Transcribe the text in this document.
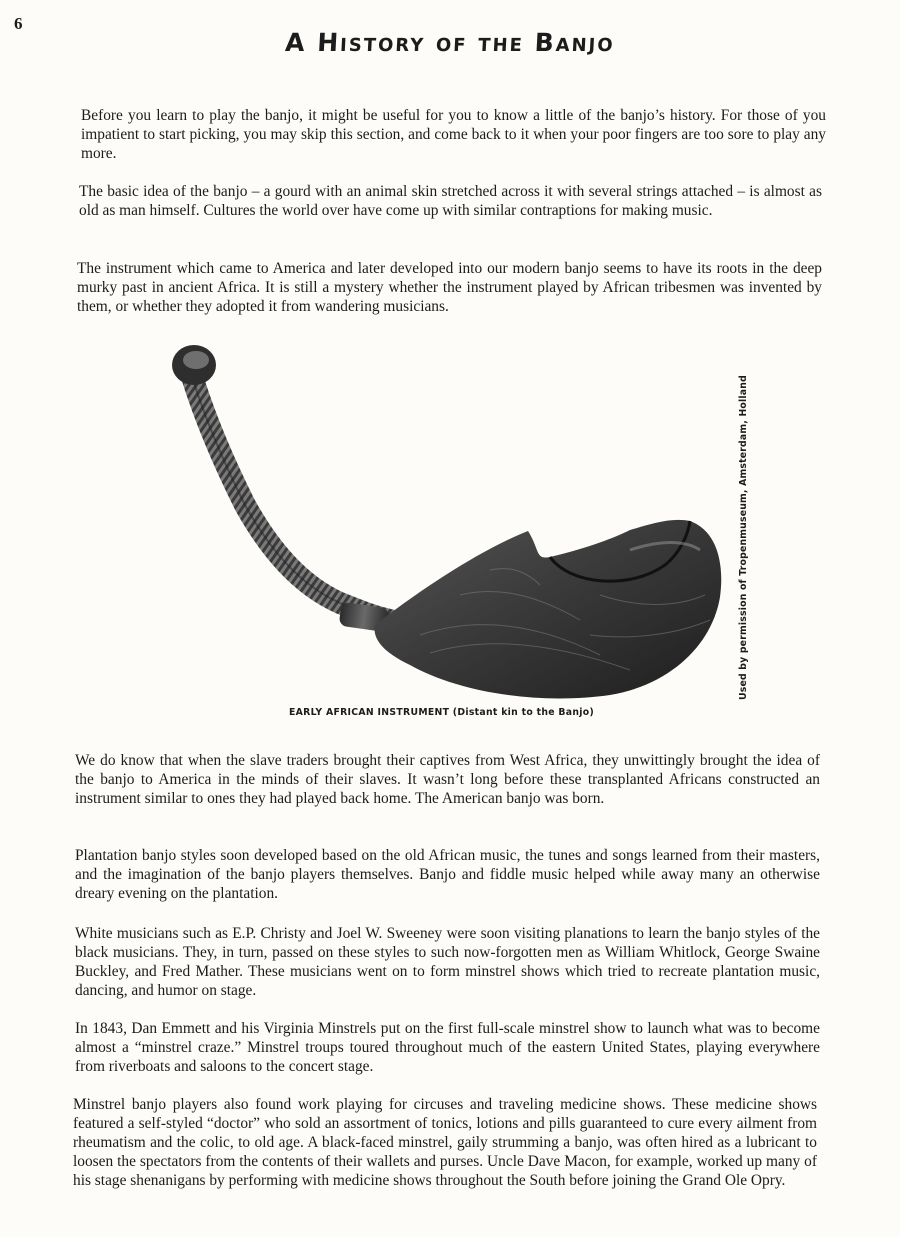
6
A History of the Banjo

Before you learn to play the banjo, it might be useful for you to know a little of the banjo’s history. For those of you impatient to start picking, you may skip this section, and come back to it when your poor fingers are too sore to play any more.

The basic idea of the banjo – a gourd with an animal skin stretched across it with several strings attached – is almost as old as man himself. Cultures the world over have come up with similar contraptions for making music.

The instrument which came to America and later developed into our modern banjo seems to have its roots in the deep murky past in ancient Africa. It is still a mystery whether the instrument played by African tribesmen was invented by them, or whether they adopted it from wandering musicians.

Used by permission of Tropenmuseum, Amsterdam, Holland
EARLY AFRICAN INSTRUMENT (Distant kin to the Banjo)

We do know that when the slave traders brought their captives from West Africa, they unwittingly brought the idea of the banjo to America in the minds of their slaves. It wasn’t long before these transplanted Africans constructed an instrument similar to ones they had played back home. The American banjo was born.

Plantation banjo styles soon developed based on the old African music, the tunes and songs learned from their masters, and the imagination of the banjo players themselves. Banjo and fiddle music helped while away many an otherwise dreary evening on the plantation.

White musicians such as E.P. Christy and Joel W. Sweeney were soon visiting planations to learn the banjo styles of the black musicians. They, in turn, passed on these styles to such now-forgotten men as William Whitlock, George Swaine Buckley, and Fred Mather. These musicians went on to form minstrel shows which tried to recreate plantation music, dancing, and humor on stage.

In 1843, Dan Emmett and his Virginia Minstrels put on the first full-scale minstrel show to launch what was to become almost a “minstrel craze.” Minstrel troups toured throughout much of the eastern United States, playing everywhere from riverboats and saloons to the concert stage.

Minstrel banjo players also found work playing for circuses and traveling medicine shows. These medicine shows featured a self-styled “doctor” who sold an assortment of tonics, lotions and pills guaranteed to cure every ailment from rheumatism and the colic, to old age. A black-faced minstrel, gaily strumming a banjo, was often hired as a lubricant to loosen the spectators from the contents of their wallets and purses. Uncle Dave Macon, for example, worked up many of his stage shenanigans by performing with medicine shows throughout the South before joining the Grand Ole Opry.
